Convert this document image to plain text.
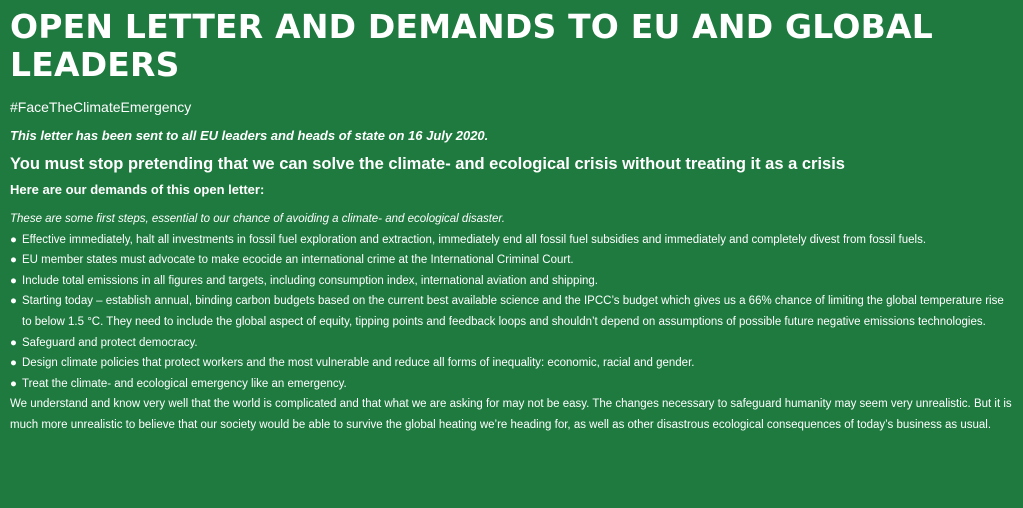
OPEN LETTER AND DEMANDS TO EU AND GLOBAL LEADERS
#FaceTheClimateEmergency
This letter has been sent to all EU leaders and heads of state on 16 July 2020.
You must stop pretending that we can solve the climate- and ecological crisis without treating it as a crisis
Here are our demands of this open letter:
These are some first steps, essential to our chance of avoiding a climate- and ecological disaster.
● Effective immediately, halt all investments in fossil fuel exploration and extraction, immediately end all fossil fuel subsidies and immediately and completely divest from fossil fuels.
● EU member states must advocate to make ecocide an international crime at the International Criminal Court.
● Include total emissions in all figures and targets, including consumption index, international aviation and shipping.
● Starting today – establish annual, binding carbon budgets based on the current best available science and the IPCC’s budget which gives us a 66% chance of limiting the global temperature rise to below 1.5 °C. They need to include the global aspect of equity, tipping points and feedback loops and shouldn’t depend on assumptions of possible future negative emissions technologies.
● Safeguard and protect democracy.
● Design climate policies that protect workers and the most vulnerable and reduce all forms of inequality: economic, racial and gender.
● Treat the climate- and ecological emergency like an emergency.

We understand and know very well that the world is complicated and that what we are asking for may not be easy. The changes necessary to safeguard humanity may seem very unrealistic. But it is much more unrealistic to believe that our society would be able to survive the global heating we’re heading for, as well as other disastrous ecological consequences of today’s business as usual.
